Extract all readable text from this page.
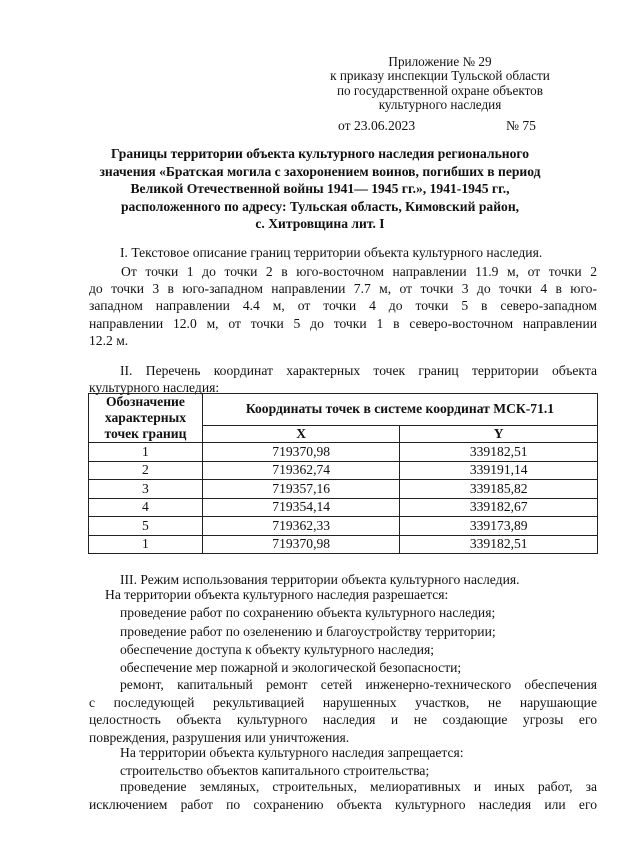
Приложение № 29
к приказу инспекции Тульской области
по государственной охране объектов
культурного наследия
от 23.06.2023	№ 75
Границы территории объекта культурного наследия регионального
значения «Братская могила с захоронением воинов, погибших в период
Великой Отечественной войны 1941— 1945 гг.», 1941-1945 гг.,
расположенного по адресу: Тульская область, Кимовский район,
с. Хитровщина лит. I
I. Текстовое описание границ территории объекта культурного наследия.
От точки 1 до точки 2 в юго-восточном направлении 11.9 м, от точки 2
до точки 3 в юго-западном направлении 7.7 м, от точки 3 до точки 4 в юго-
западном направлении 4.4 м, от точки 4 до точки 5 в северо-западном
направлении 12.0 м, от точки 5 до точки 1 в северо-восточном направлении
12.2 м.
II. Перечень координат характерных точек границ территории объекта
культурного наследия:
Обозначение характерных точек границ	Координаты точек в системе координат МСК-71.1	
	X	Y
1	719370,98	339182,51
2	719362,74	339191,14
3	719357,16	339185,82
4	719354,14	339182,67
5	719362,33	339173,89
1	719370,98	339182,51
III. Режим использования территории объекта культурного наследия.
На территории объекта культурного наследия разрешается:
проведение работ по сохранению объекта культурного наследия;
проведение работ по озеленению и благоустройству территории;
обеспечение доступа к объекту культурного наследия;
обеспечение мер пожарной и экологической безопасности;
ремонт, капитальный ремонт сетей инженерно-технического обеспечения
с последующей рекультивацией нарушенных участков, не нарушающие
целостность объекта культурного наследия и не создающие угрозы его
повреждения, разрушения или уничтожения.
На территории объекта культурного наследия запрещается:
строительство объектов капитального строительства;
проведение земляных, строительных, мелиоративных и иных работ, за
исключением работ по сохранению объекта культурного наследия или его
